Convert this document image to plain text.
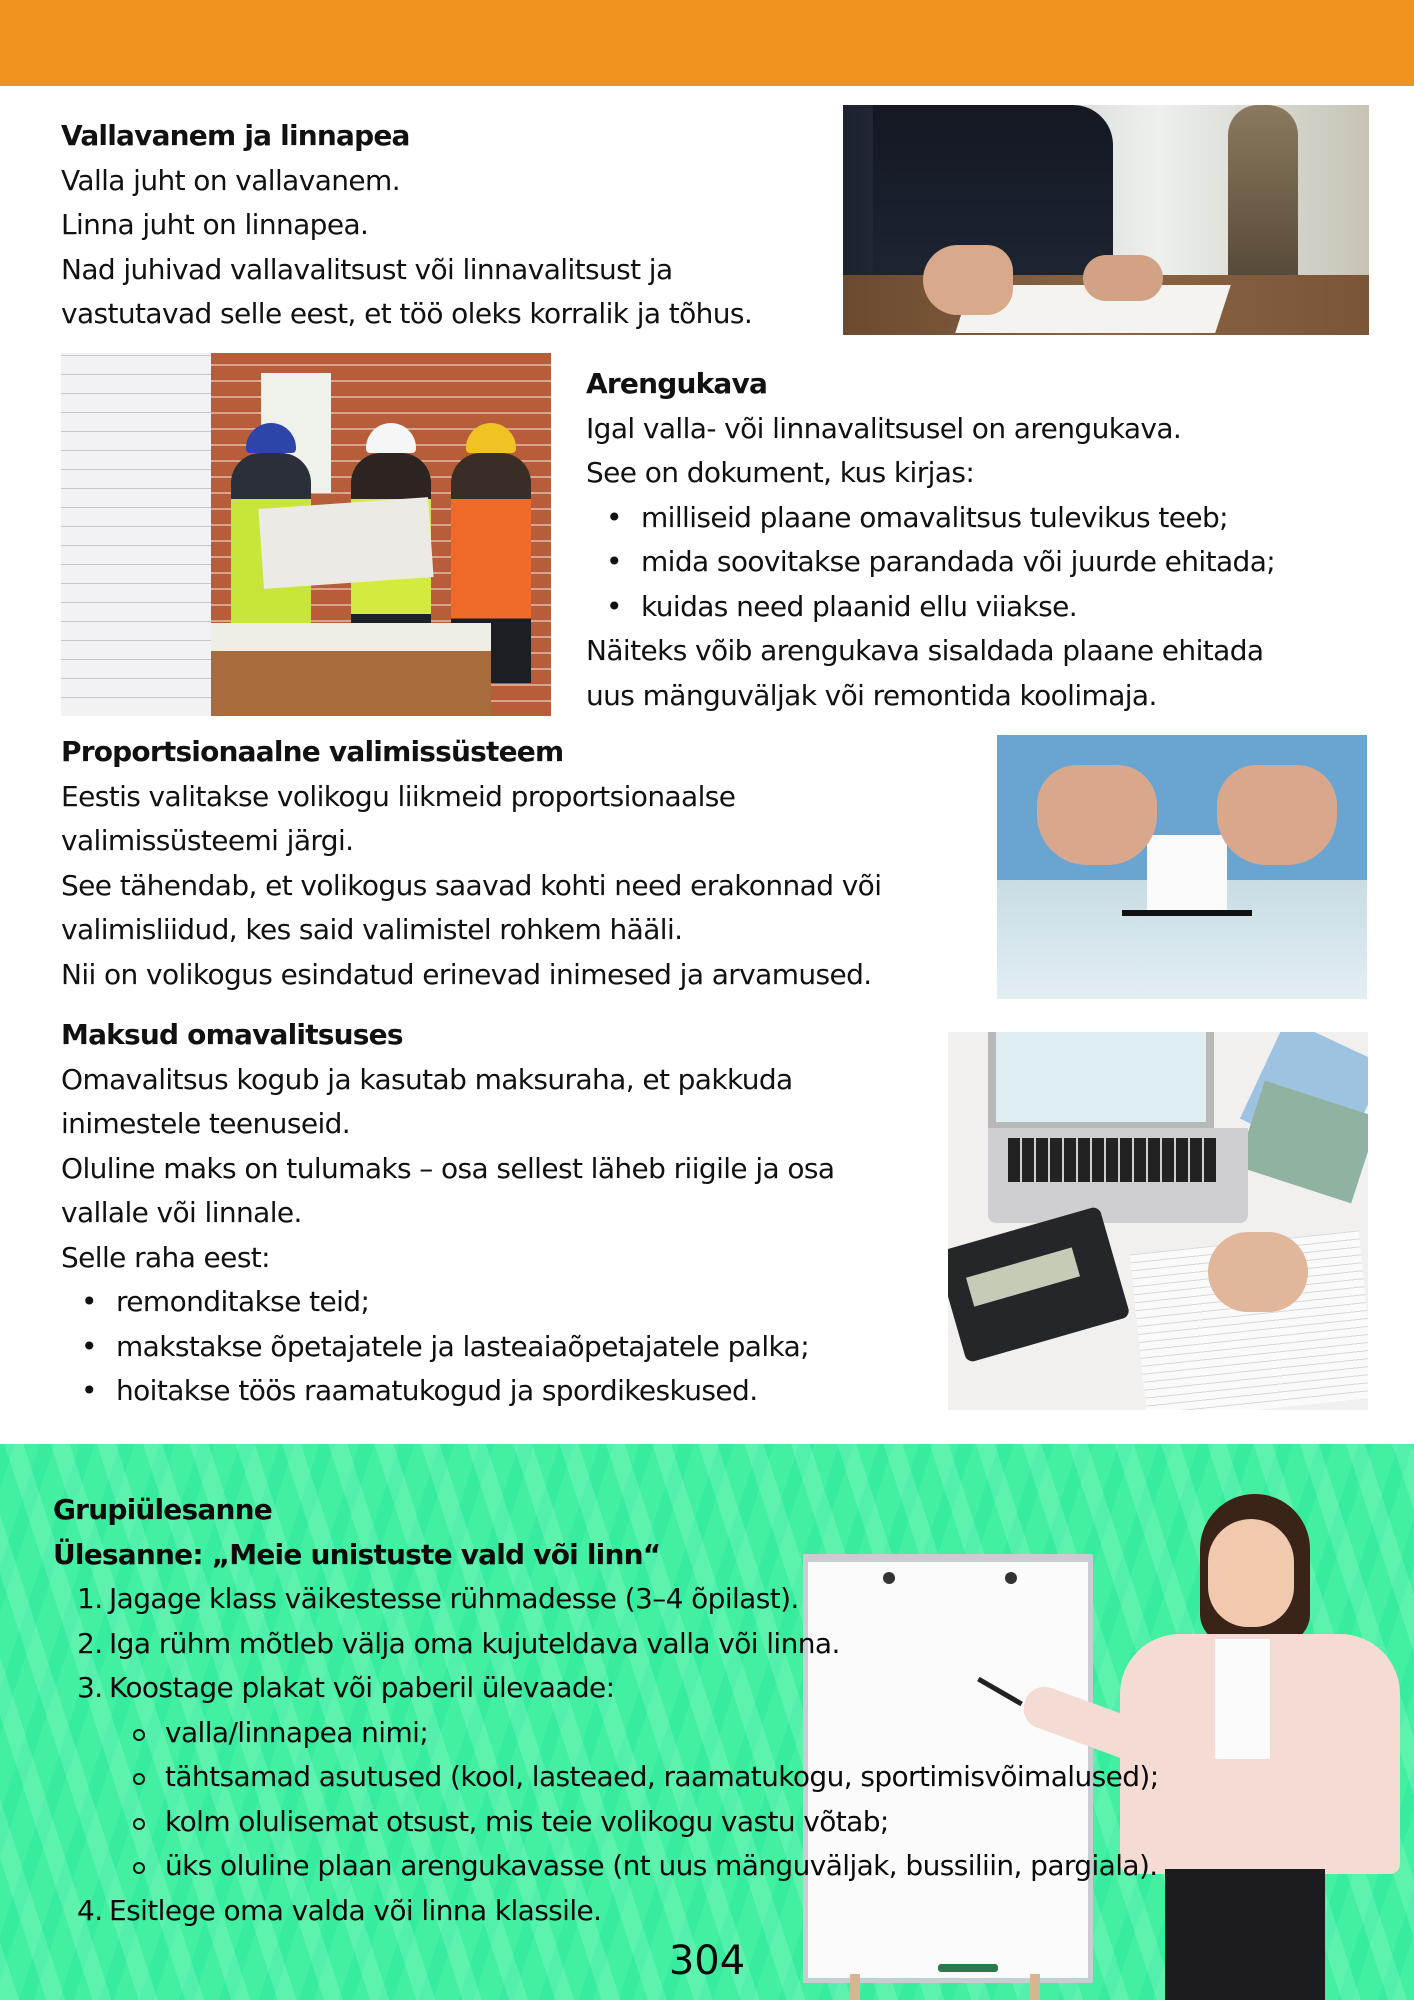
Vallavanem ja linnapea

Valla juht on vallavanem.

Linna juht on linnapea.

Nad juhivad vallavalitsust või linnavalitsust ja

vastutavad selle eest, et töö oleks korralik ja tõhus.

Arengukava

Igal valla- või linnavalitsusel on arengukava.

See on dokument, kus kirjas:

• milliseid plaane omavalitsus tulevikus teeb;
• mida soovitakse parandada või juurde ehitada;
• kuidas need plaanid ellu viiakse.

Näiteks võib arengukava sisaldada plaane ehitada

uus mänguväljak või remontida koolimaja.

Proportsionaalne valimissüsteem

Eestis valitakse volikogu liikmeid proportsionaalse

valimissüsteemi järgi.

See tähendab, et volikogus saavad kohti need erakonnad või

valimisliidud, kes said valimistel rohkem hääli.

Nii on volikogus esindatud erinevad inimesed ja arvamused.

Maksud omavalitsuses

Omavalitsus kogub ja kasutab maksuraha, et pakkuda

inimestele teenuseid.

Oluline maks on tulumaks – osa sellest läheb riigile ja osa

vallale või linnale.

Selle raha eest:

• remonditakse teid;
• makstakse õpetajatele ja lasteaiaõpetajatele palka;
• hoitakse töös raamatukogud ja spordikeskused.
Grupiülesanne
Ülesanne: „Meie unistuste vald või linn“
1. Jagage klass väikestesse rühmadesse (3–4 õpilast).
2. Iga rühm mõtleb välja oma kujuteldava valla või linna.
3. Koostage plakat või paberil ülevaade:
valla/linnapea nimi;
tähtsamad asutused (kool, lasteaed, raamatukogu, sportimisvõimalused);
kolm olulisemat otsust, mis teie volikogu vastu võtab;
üks oluline plaan arengukavasse (nt uus mänguväljak, bussiliin, pargiala).
4. Esitlege oma valda või linna klassile.
304
